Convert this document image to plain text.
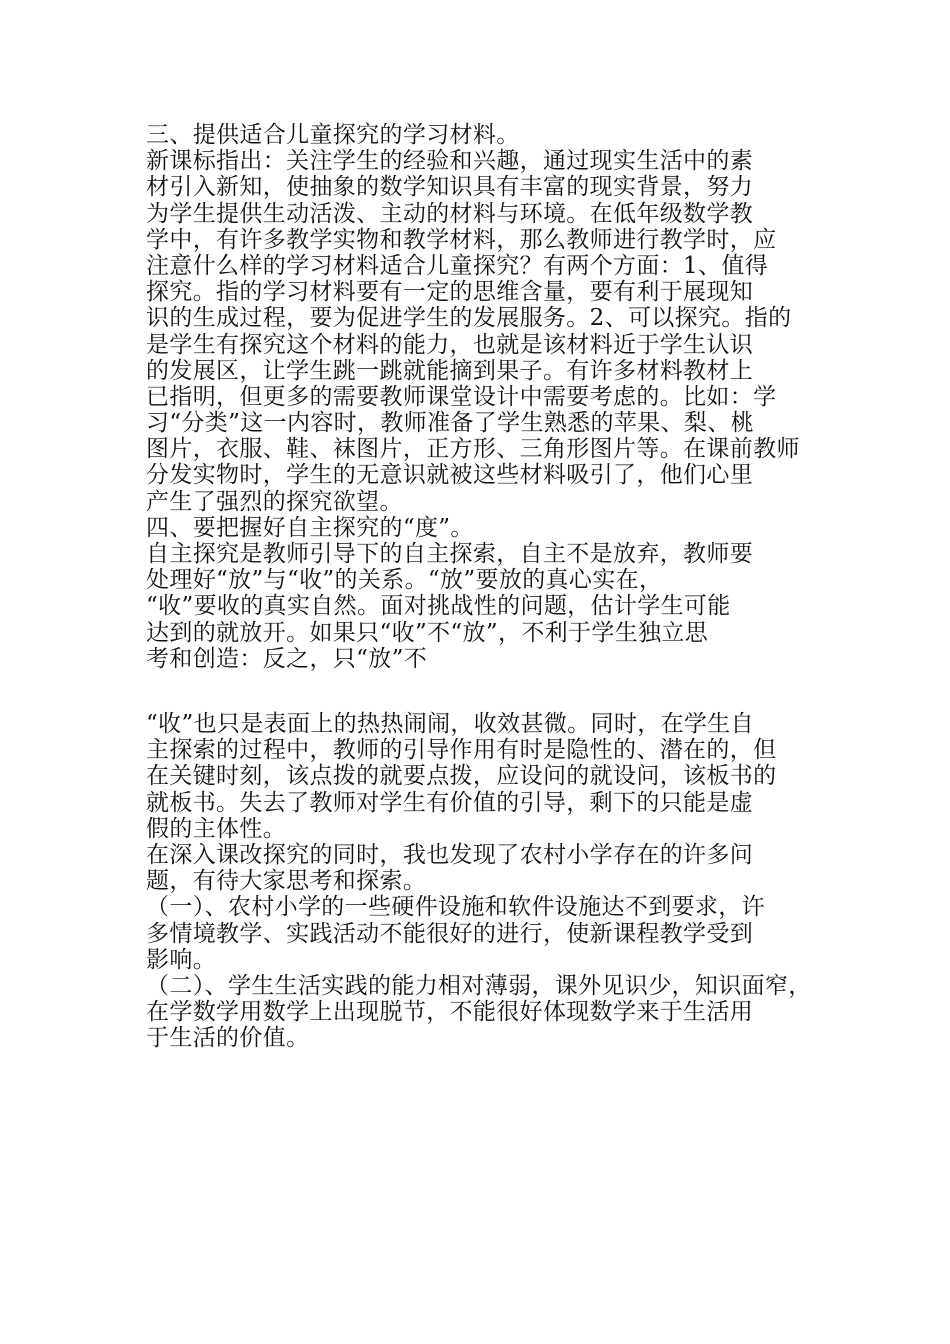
三、提供适合儿童探究的学习材料。
新课标指出：关注学生的经验和兴趣，通过现实生活中的素
材引入新知，使抽象的数学知识具有丰富的现实背景，努力
为学生提供生动活泼、主动的材料与环境。在低年级数学教
学中，有许多教学实物和教学材料，那么教师进行教学时，应
注意什么样的学习材料适合儿童探究？有两个方面：1、值得
探究。指的学习材料要有一定的思维含量，要有利于展现知
识的生成过程，要为促进学生的发展服务。2、可以探究。指的
是学生有探究这个材料的能力，也就是该材料近于学生认识
的发展区，让学生跳一跳就能摘到果子。有许多材料教材上
已指明，但更多的需要教师课堂设计中需要考虑的。比如：学
习“分类”这一内容时，教师准备了学生熟悉的苹果、梨、桃
图片，衣服、鞋、袜图片，正方形、三角形图片等。在课前教师
分发实物时，学生的无意识就被这些材料吸引了，他们心里
产生了强烈的探究欲望。
四、要把握好自主探究的“度”。
自主探究是教师引导下的自主探索，自主不是放弃，教师要
处理好“放”与“收”的关系。“放”要放的真心实在，
“收”要收的真实自然。面对挑战性的问题，估计学生可能
达到的就放开。如果只“收”不“放”，不利于学生独立思
考和创造：反之，只“放”不
“收”也只是表面上的热热闹闹，收效甚微。同时，在学生自
主探索的过程中，教师的引导作用有时是隐性的、潜在的，但
在关键时刻，该点拨的就要点拨，应设问的就设问，该板书的
就板书。失去了教师对学生有价值的引导，剩下的只能是虚
假的主体性。
在深入课改探究的同时，我也发现了农村小学存在的许多问
题，有待大家思考和探索。
（一）、农村小学的一些硬件设施和软件设施达不到要求，许
多情境教学、实践活动不能很好的进行，使新课程教学受到
影响。
（二）、学生生活实践的能力相对薄弱，课外见识少，知识面窄，
在学数学用数学上出现脱节，不能很好体现数学来于生活用
于生活的价值。
